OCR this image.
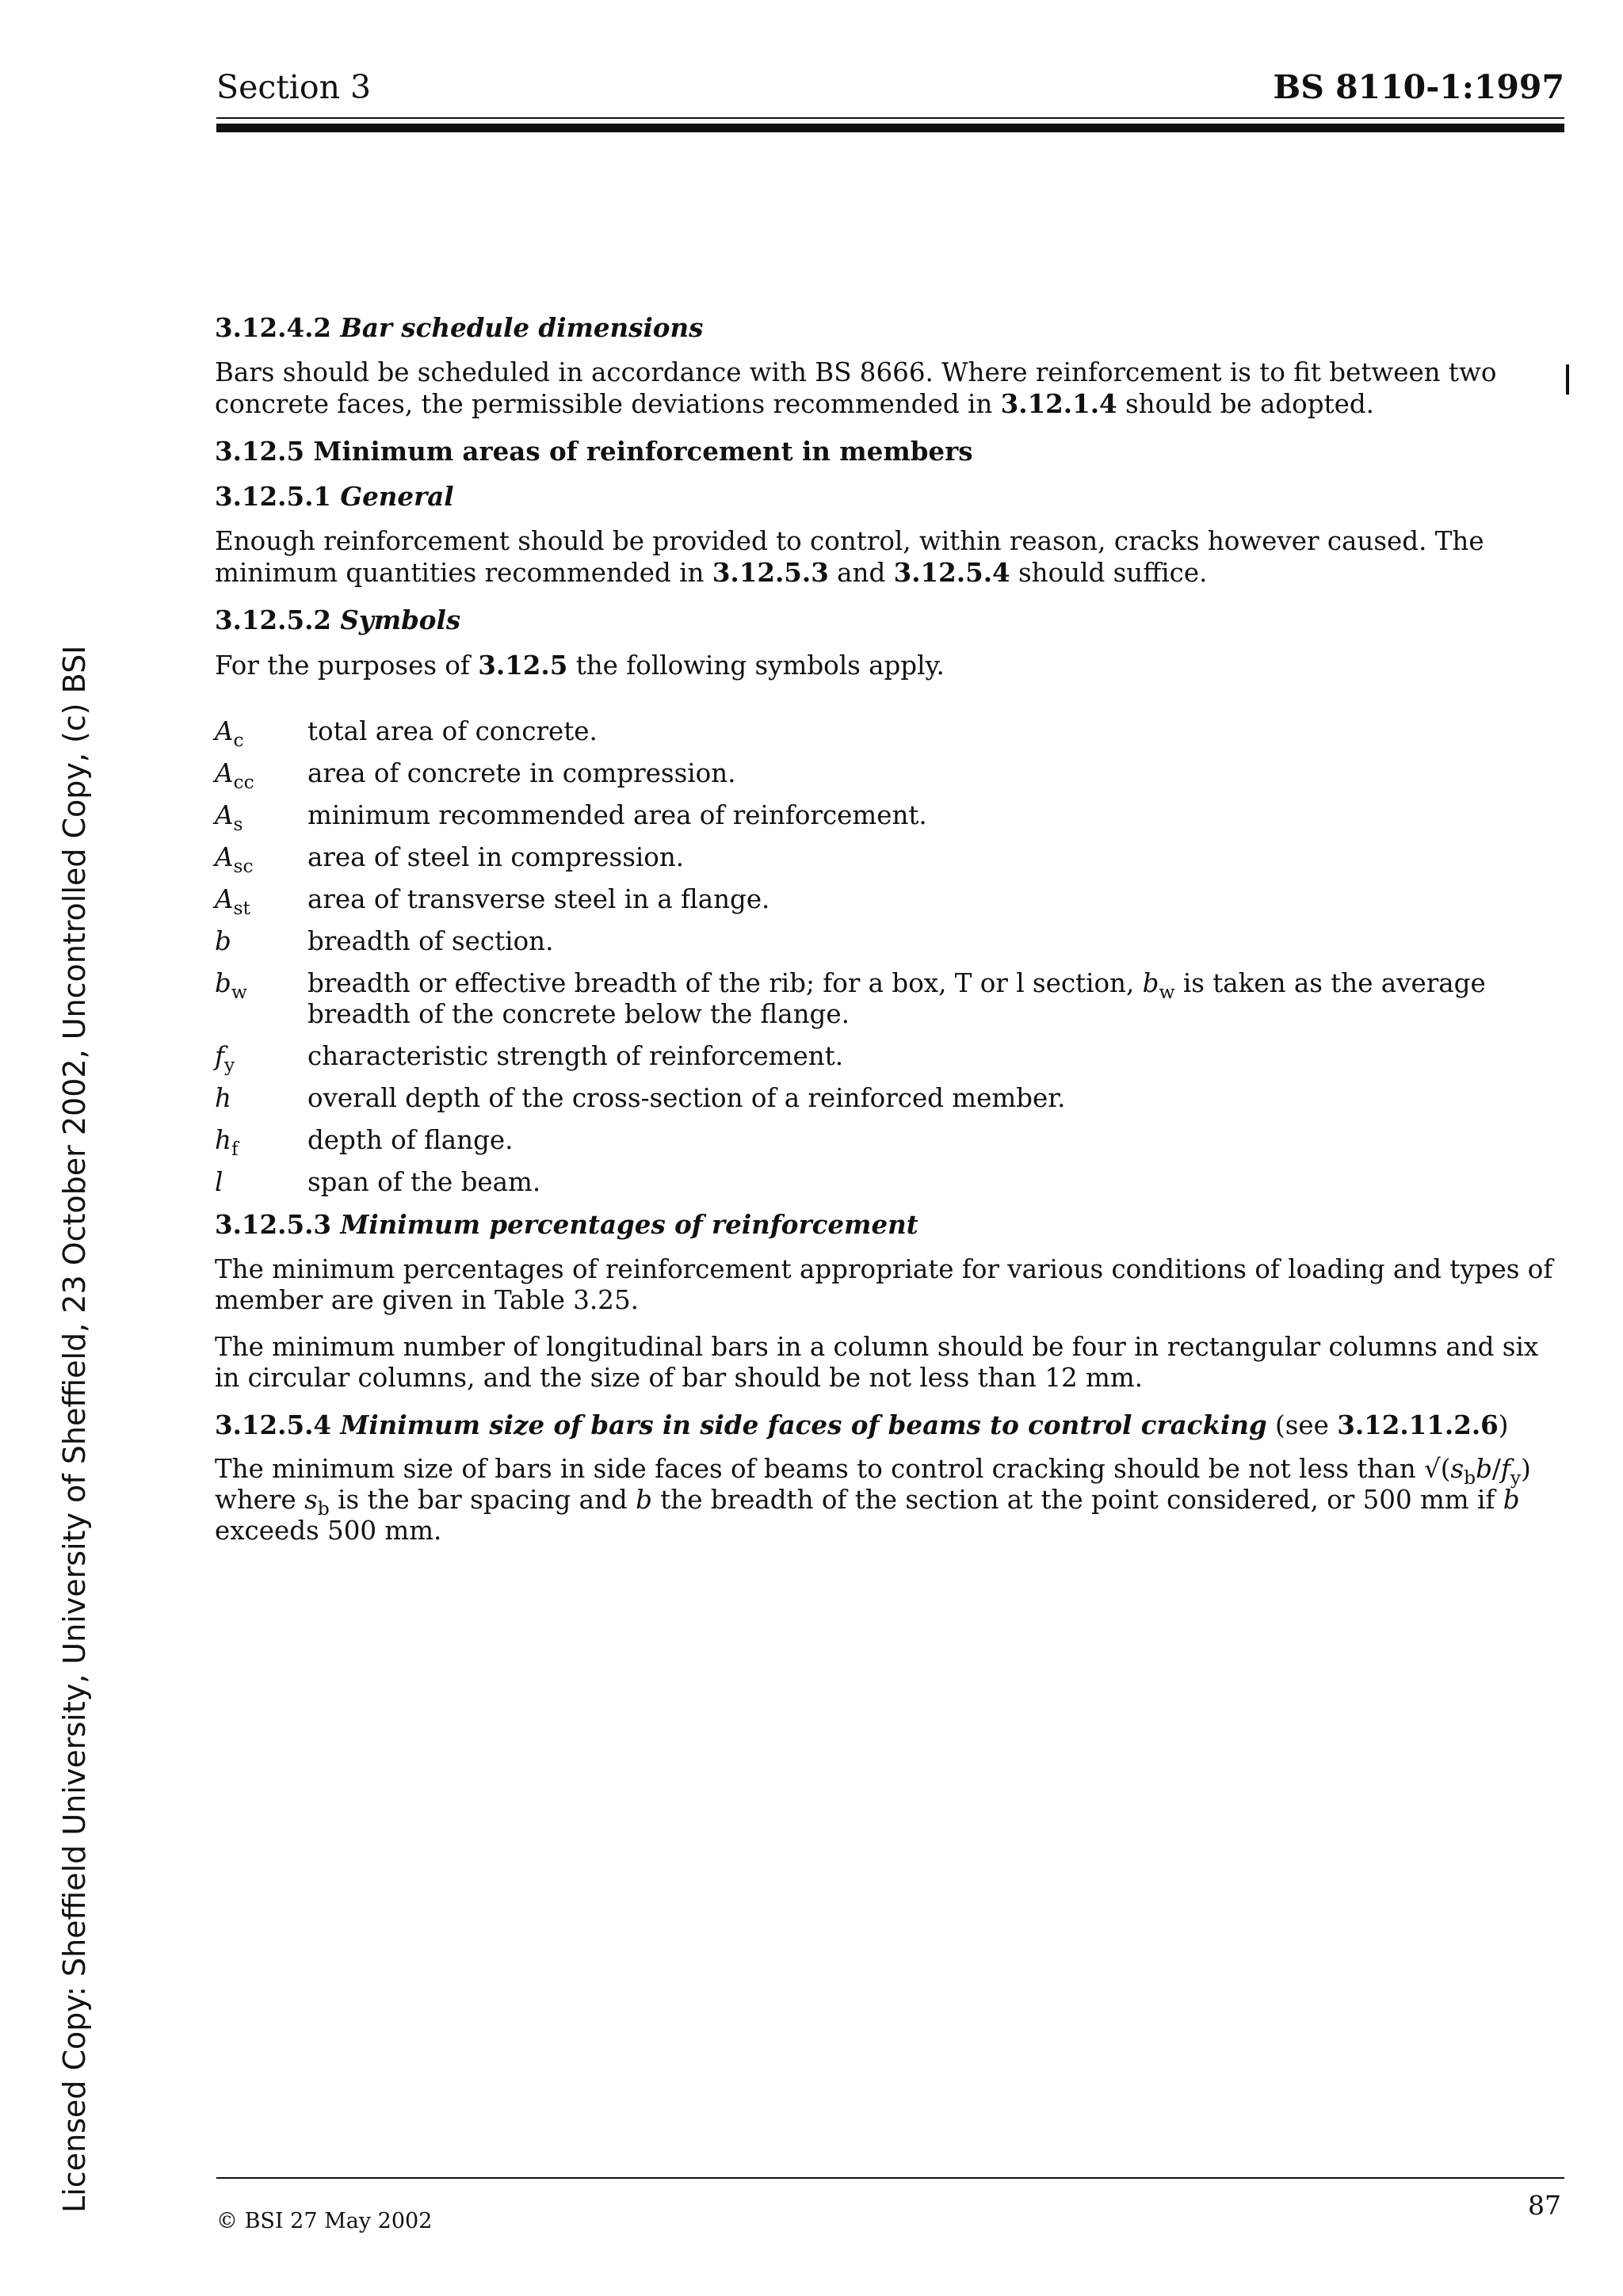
Section 3	BS 8110-1:1997
Licensed Copy: Sheffield University, University of Sheffield, 23 October 2002, Uncontrolled Copy, (c) BSI
3.12.4.2 Bar schedule dimensions
Bars should be scheduled in accordance with BS 8666. Where reinforcement is to fit between two concrete faces, the permissible deviations recommended in 3.12.1.4 should be adopted.
3.12.5 Minimum areas of reinforcement in members
3.12.5.1 General
Enough reinforcement should be provided to control, within reason, cracks however caused. The minimum quantities recommended in 3.12.5.3 and 3.12.5.4 should suffice.
3.12.5.2 Symbols
For the purposes of 3.12.5 the following symbols apply.
$A_c$	total area of concrete.
$A_{cc}$	area of concrete in compression.
$A_s$	minimum recommended area of reinforcement.
$A_{sc}$	area of steel in compression.
$A_{st}$	area of transverse steel in a flange.
b	breadth of section.
$b_w$	breadth or effective breadth of the rib; for a box, T or l section, $b_w$ is taken as the average breadth of the concrete below the flange.
$f_y$	characteristic strength of reinforcement.
h	overall depth of the cross-section of a reinforced member.
$h_f$	depth of flange.
l	span of the beam.
3.12.5.3 Minimum percentages of reinforcement
The minimum percentages of reinforcement appropriate for various conditions of loading and types of member are given in Table 3.25.
The minimum number of longitudinal bars in a column should be four in rectangular columns and six in circular columns, and the size of bar should be not less than 12 mm.
3.12.5.4 Minimum size of bars in side faces of beams to control cracking (see 3.12.11.2.6)
The minimum size of bars in side faces of beams to control cracking should be not less than $√(s_bb/f_y)$ where $s_b$ is the bar spacing and b the breadth of the section at the point considered, or 500 mm if b exceeds 500 mm.
© BSI 27 May 2002
87
